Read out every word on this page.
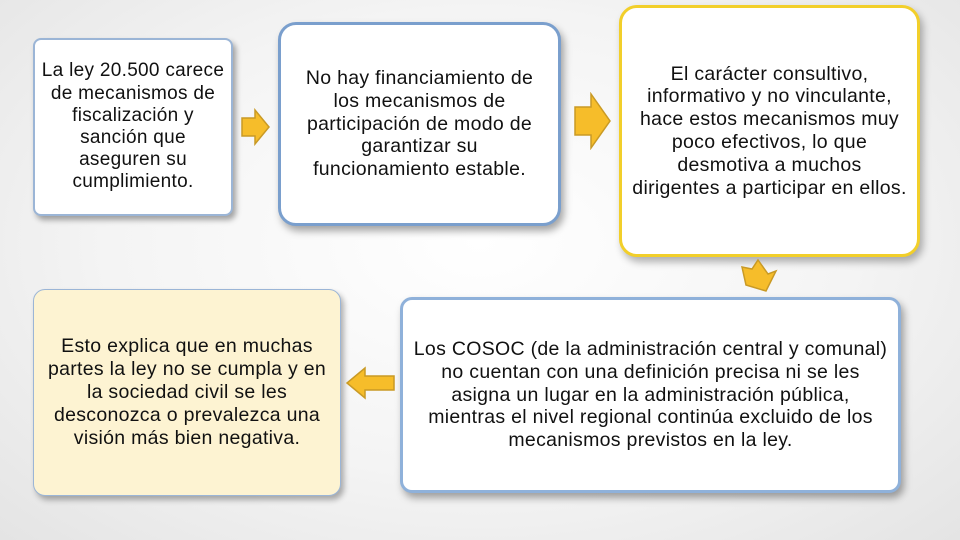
La ley 20.500 carece de mecanismos de fiscalización y sanción que aseguren su cumplimiento.
No hay financiamiento de los mecanismos de participación de modo de garantizar su funcionamiento estable.
El carácter consultivo, informativo y no vinculante, hace estos mecanismos muy poco efectivos, lo que desmotiva a muchos dirigentes a participar en ellos.
Esto explica que en muchas partes la ley no se cumpla y en la sociedad civil se les desconozca o prevalezca una visión más bien negativa.
Los COSOC (de la administración central y comunal) no cuentan con una definición precisa ni se les asigna un lugar en la administración pública, mientras el nivel regional continúa excluido de los mecanismos previstos en la ley.
